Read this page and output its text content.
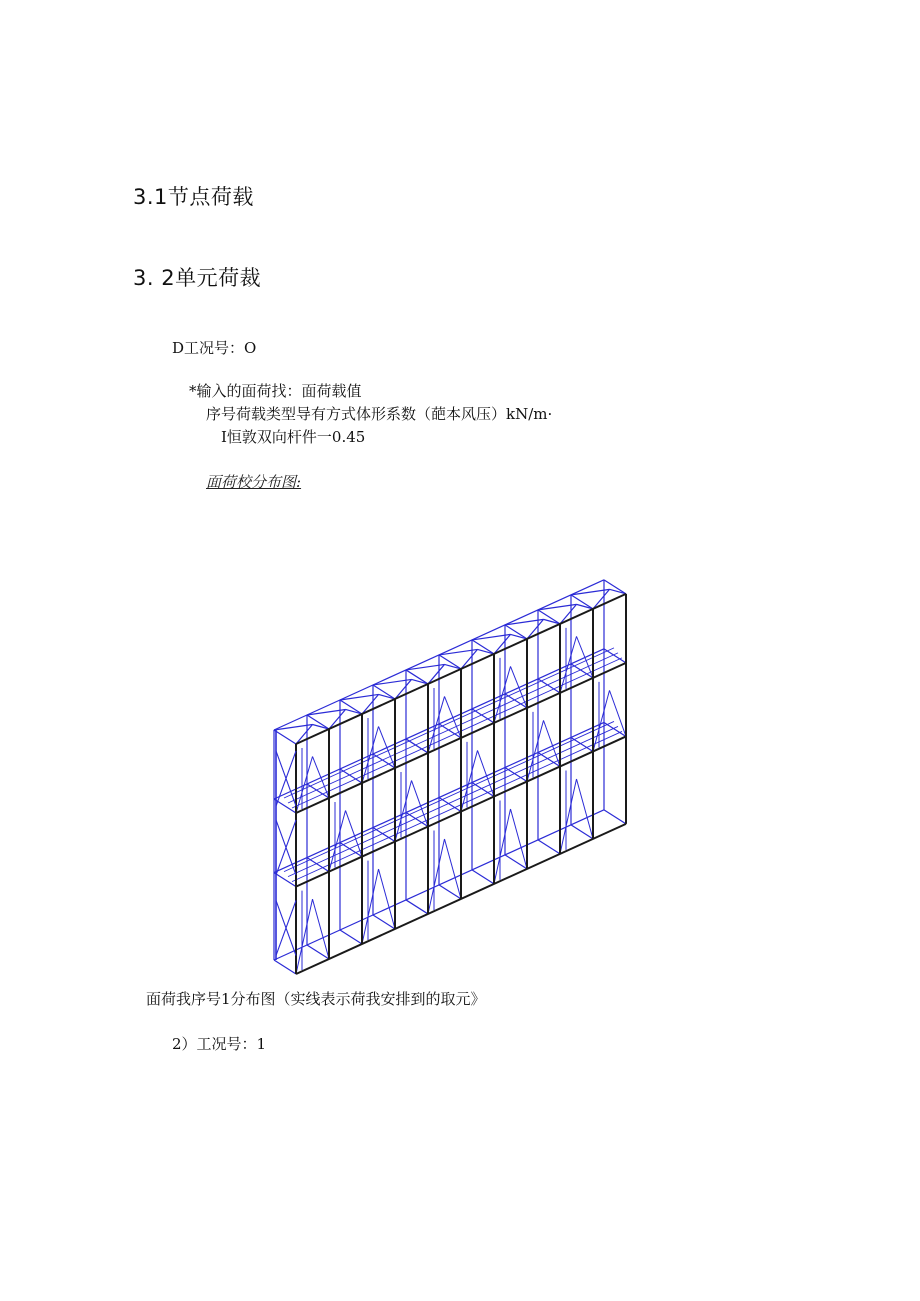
3.1节点荷载
3. 2单元荷裁

D工况号：O

*输入的面荷找：面荷载值

序号荷载类型导有方式体形系数（葩本风压）kN∕m·

I恒敦双向杆件一0.45

面荷校分布图:

面荷我序号1分布图（实线表示荷我安排到的取元》

2）工况号：1
